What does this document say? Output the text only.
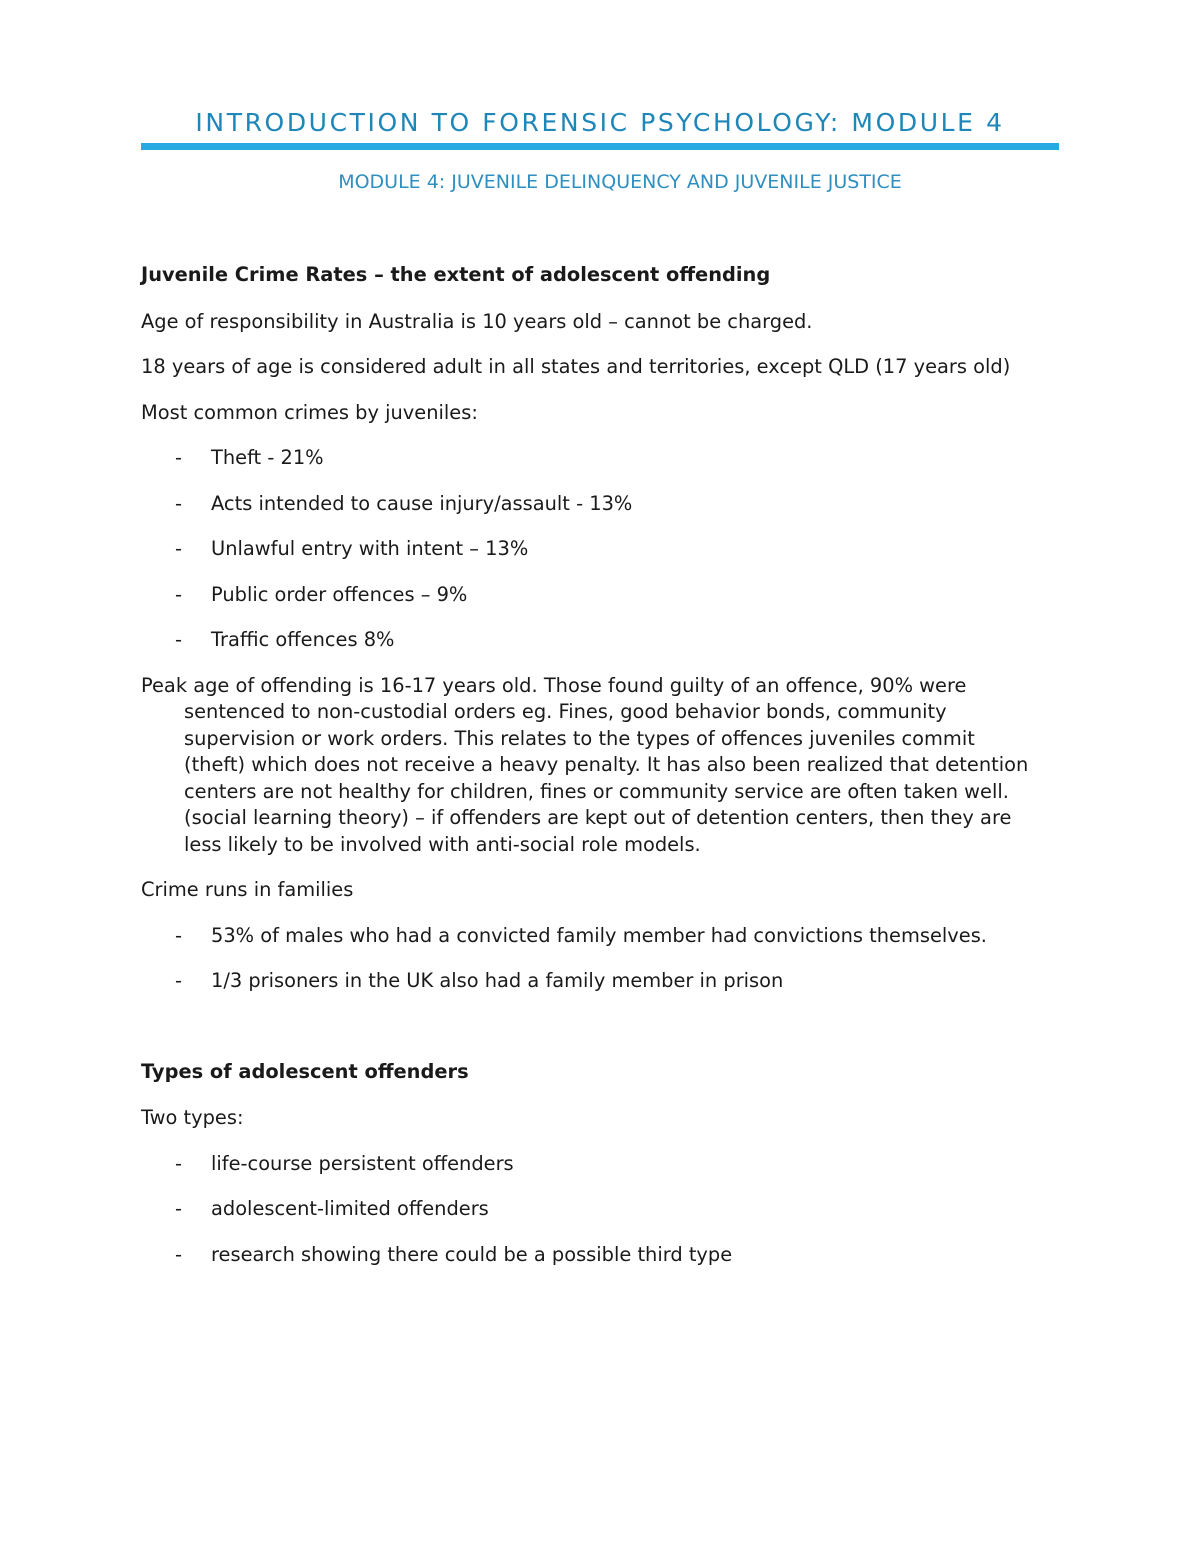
INTRODUCTION TO FORENSIC PSYCHOLOGY: MODULE 4
MODULE 4: JUVENILE DELINQUENCY AND JUVENILE JUSTICE
Juvenile Crime Rates – the extent of adolescent offending

Age of responsibility in Australia is 10 years old – cannot be charged.

18 years of age is considered adult in all states and territories, except QLD (17 years old)

Most common crimes by juveniles:

- Theft - 21%
- Acts intended to cause injury/assault - 13%
- Unlawful entry with intent – 13%
- Public order offences – 9%
- Traffic offences 8%

Peak age of offending is 16-17 years old. Those found guilty of an offence, 90% were sentenced to non-custodial orders eg. Fines, good behavior bonds, community supervision or work orders. This relates to the types of offences juveniles commit (theft) which does not receive a heavy penalty. It has also been realized that detention centers are not healthy for children, fines or community service are often taken well. (social learning theory) – if offenders are kept out of detention centers, then they are less likely to be involved with anti-social role models.

Crime runs in families

- 53% of males who had a convicted family member had convictions themselves.
- 1/3 prisoners in the UK also had a family member in prison
Types of adolescent offenders

Two types:

- life-course persistent offenders
- adolescent-limited offenders
- research showing there could be a possible third type
